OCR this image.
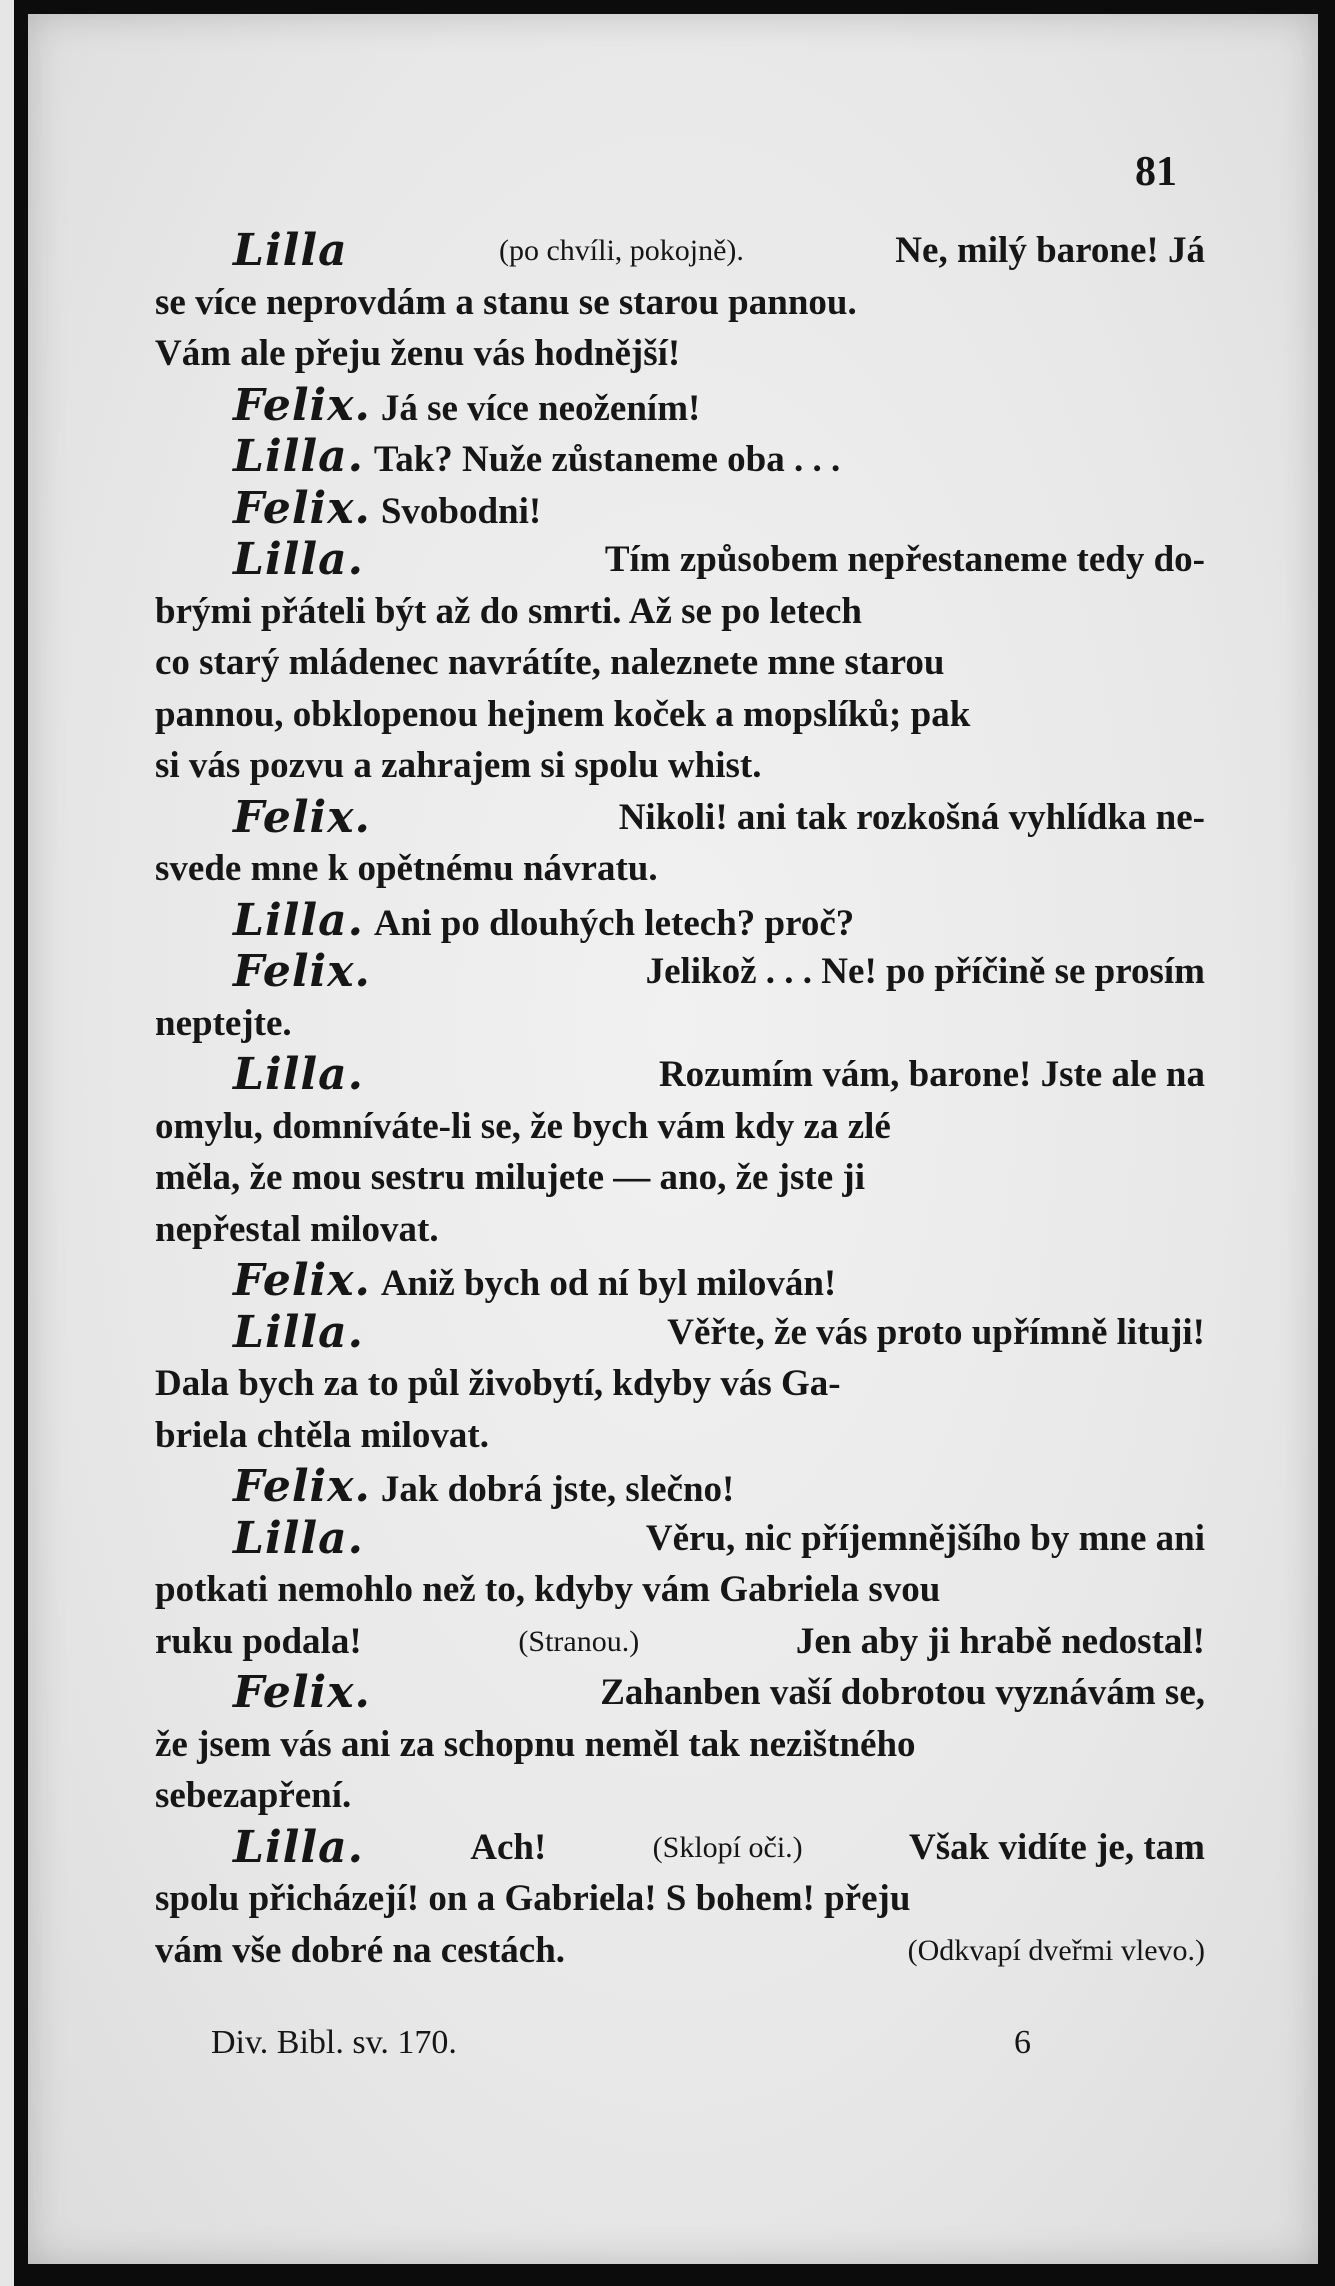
81
Lilla	(po chvíli, pokojně).	Ne, milý barone! Já
se více neprovdám a stanu se starou pannou.
Vám ale přeju ženu vás hodnější!
Felix. Já se více neožením!
Lilla. Tak? Nuže zůstaneme oba . . .
Felix. Svobodni!
Lilla.	Tím způsobem nepřestaneme tedy do-
brými přáteli být až do smrti. Až se po letech
co starý mládenec navrátíte, naleznete mne starou
pannou, obklopenou hejnem koček a mopslíků; pak
si vás pozvu a zahrajem si spolu whist.
Felix.	Nikoli! ani tak rozkošná vyhlídka ne-
svede mne k opětnému návratu.
Lilla. Ani po dlouhých letech? proč?
Felix.	Jelikož . . . Ne! po příčině se prosím
neptejte.
Lilla.	Rozumím vám, barone! Jste ale na
omylu, domníváte-li se, že bych vám kdy za zlé
měla, že mou sestru milujete — ano, že jste ji
nepřestal milovat.
Felix. Aniž bych od ní byl milován!
Lilla.	Věřte, že vás proto upřímně lituji!
Dala bych za to půl živobytí, kdyby vás Ga-
briela chtěla milovat.
Felix. Jak dobrá jste, slečno!
Lilla.	Věru, nic příjemnějšího by mne ani
potkati nemohlo než to, kdyby vám Gabriela svou
ruku podala!	(Stranou.)	Jen aby ji hrabě nedostal!
Felix.	Zahanben vaší dobrotou vyznávám se,
že jsem vás ani za schopnu neměl tak nezištného
sebezapření.
Lilla.	Ach!	(Sklopí oči.)	Však vidíte je, tam
spolu přicházejí! on a Gabriela! S bohem! přeju
vám vše dobré na cestách.	(Odkvapí dveřmi vlevo.)
Div. Bibl. sv. 170.	6
